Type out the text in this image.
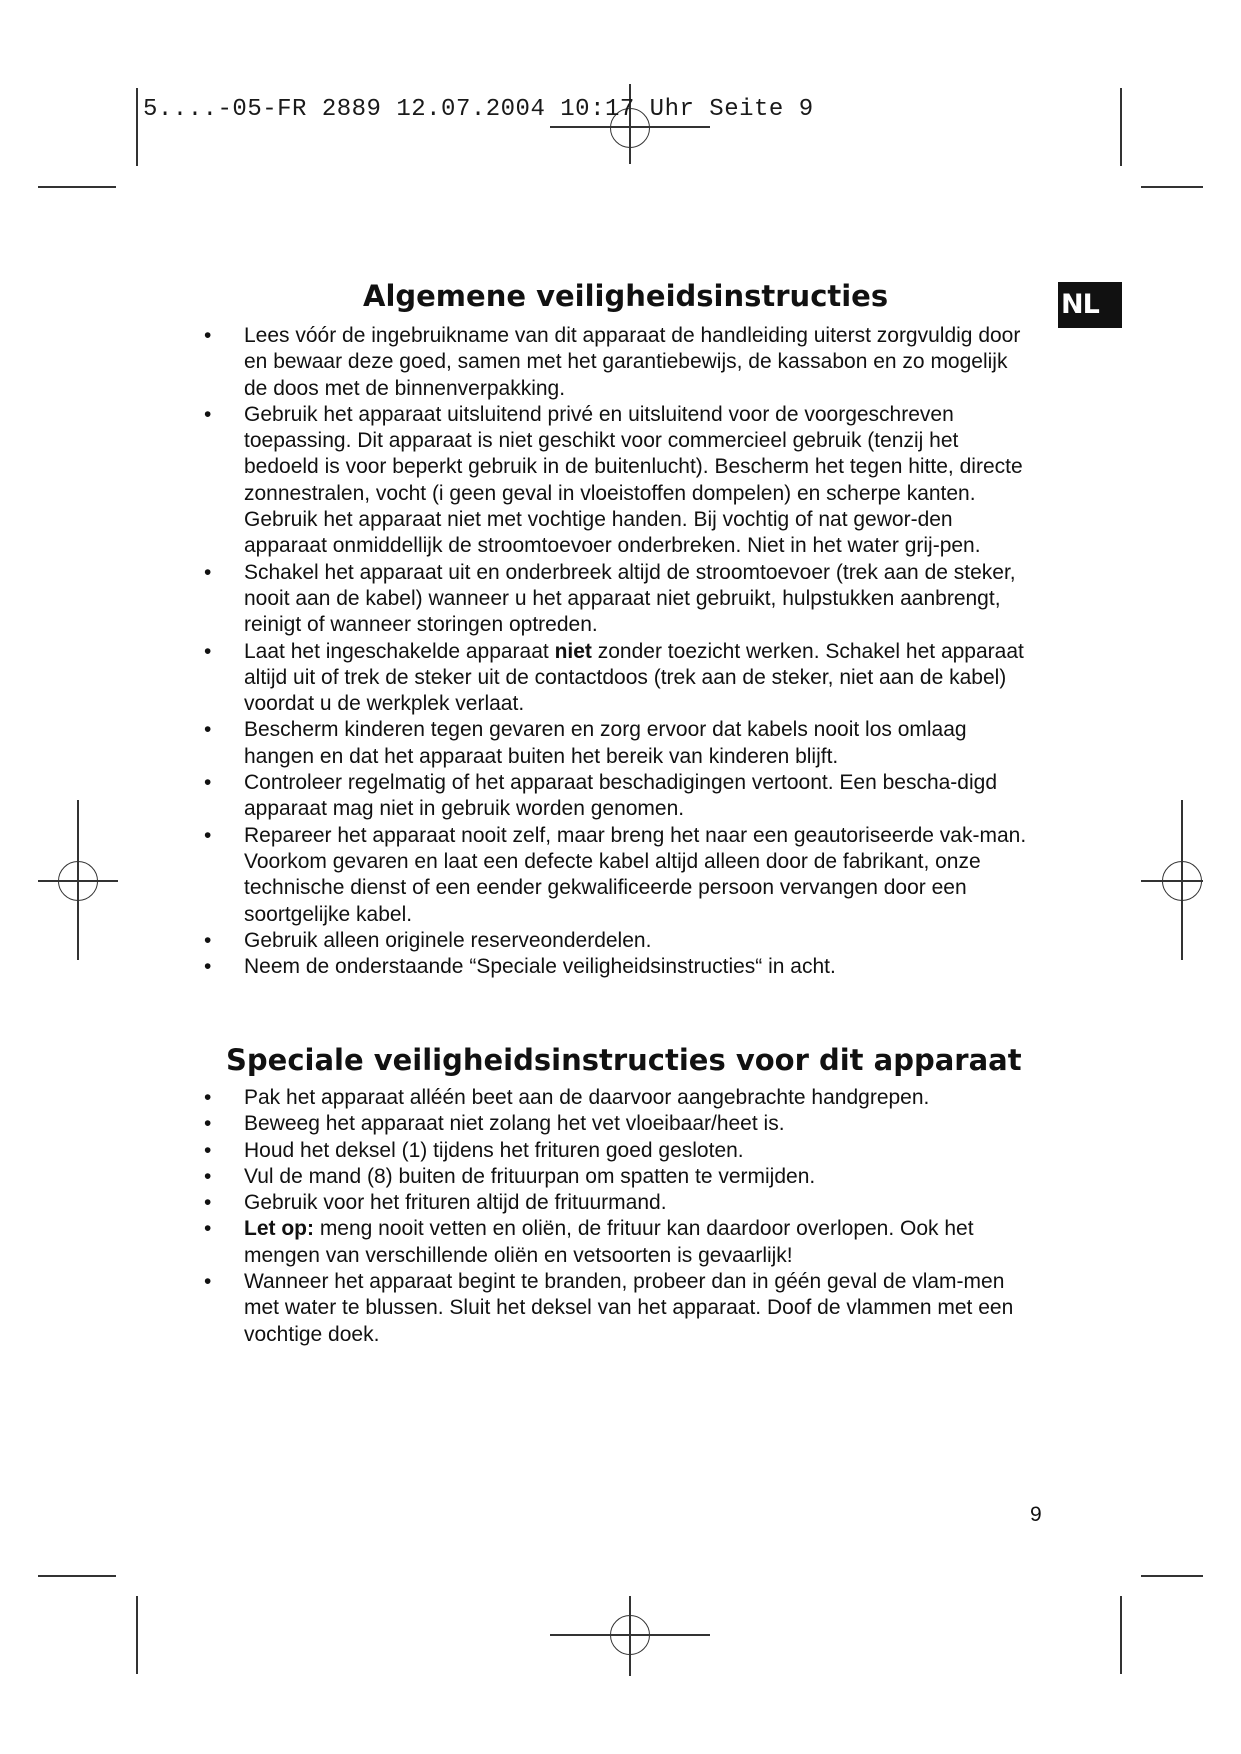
5....-05-FR 2889 12.07.2004 10:17 Uhr Seite 9
NL
Algemene veiligheidsinstructies
• Lees vóór de ingebruikname van dit apparaat de handleiding uiterst zorgvuldig door en bewaar deze goed, samen met het garantiebewijs, de kassabon en zo mogelijk de doos met de binnenverpakking.
• Gebruik het apparaat uitsluitend privé en uitsluitend voor de voorgeschreven toepassing. Dit apparaat is niet geschikt voor commercieel gebruik (tenzij het bedoeld is voor beperkt gebruik in de buitenlucht). Bescherm het tegen hitte, directe zonnestralen, vocht (i geen geval in vloeistoffen dompelen) en scherpe kanten. Gebruik het apparaat niet met vochtige handen. Bij vochtig of nat gewor-den apparaat onmiddellijk de stroomtoevoer onderbreken. Niet in het water grij-pen.
• Schakel het apparaat uit en onderbreek altijd de stroomtoevoer (trek aan de steker, nooit aan de kabel) wanneer u het apparaat niet gebruikt, hulpstukken aanbrengt, reinigt of wanneer storingen optreden.
• Laat het ingeschakelde apparaat niet zonder toezicht werken. Schakel het apparaat altijd uit of trek de steker uit de contactdoos (trek aan de steker, niet aan de kabel) voordat u de werkplek verlaat.
• Bescherm kinderen tegen gevaren en zorg ervoor dat kabels nooit los omlaag hangen en dat het apparaat buiten het bereik van kinderen blijft.
• Controleer regelmatig of het apparaat beschadigingen vertoont. Een bescha-digd apparaat mag niet in gebruik worden genomen.
• Repareer het apparaat nooit zelf, maar breng het naar een geautoriseerde vak-man. Voorkom gevaren en laat een defecte kabel altijd alleen door de fabrikant, onze technische dienst of een eender gekwalificeerde persoon vervangen door een soortgelijke kabel.
• Gebruik alleen originele reserveonderdelen.
• Neem de onderstaande “Speciale veiligheidsinstructies“ in acht.
Speciale veiligheidsinstructies voor dit apparaat
• Pak het apparaat alléén beet aan de daarvoor aangebrachte handgrepen.
• Beweeg het apparaat niet zolang het vet vloeibaar/heet is.
• Houd het deksel (1) tijdens het frituren goed gesloten.
• Vul de mand (8) buiten de frituurpan om spatten te vermijden.
• Gebruik voor het frituren altijd de frituurmand.
• Let op: meng nooit vetten en oliën, de frituur kan daardoor overlopen. Ook het mengen van verschillende oliën en vetsoorten is gevaarlijk!
• Wanneer het apparaat begint te branden, probeer dan in géén geval de vlam-men met water te blussen. Sluit het deksel van het apparaat. Doof de vlammen met een vochtige doek.
9
